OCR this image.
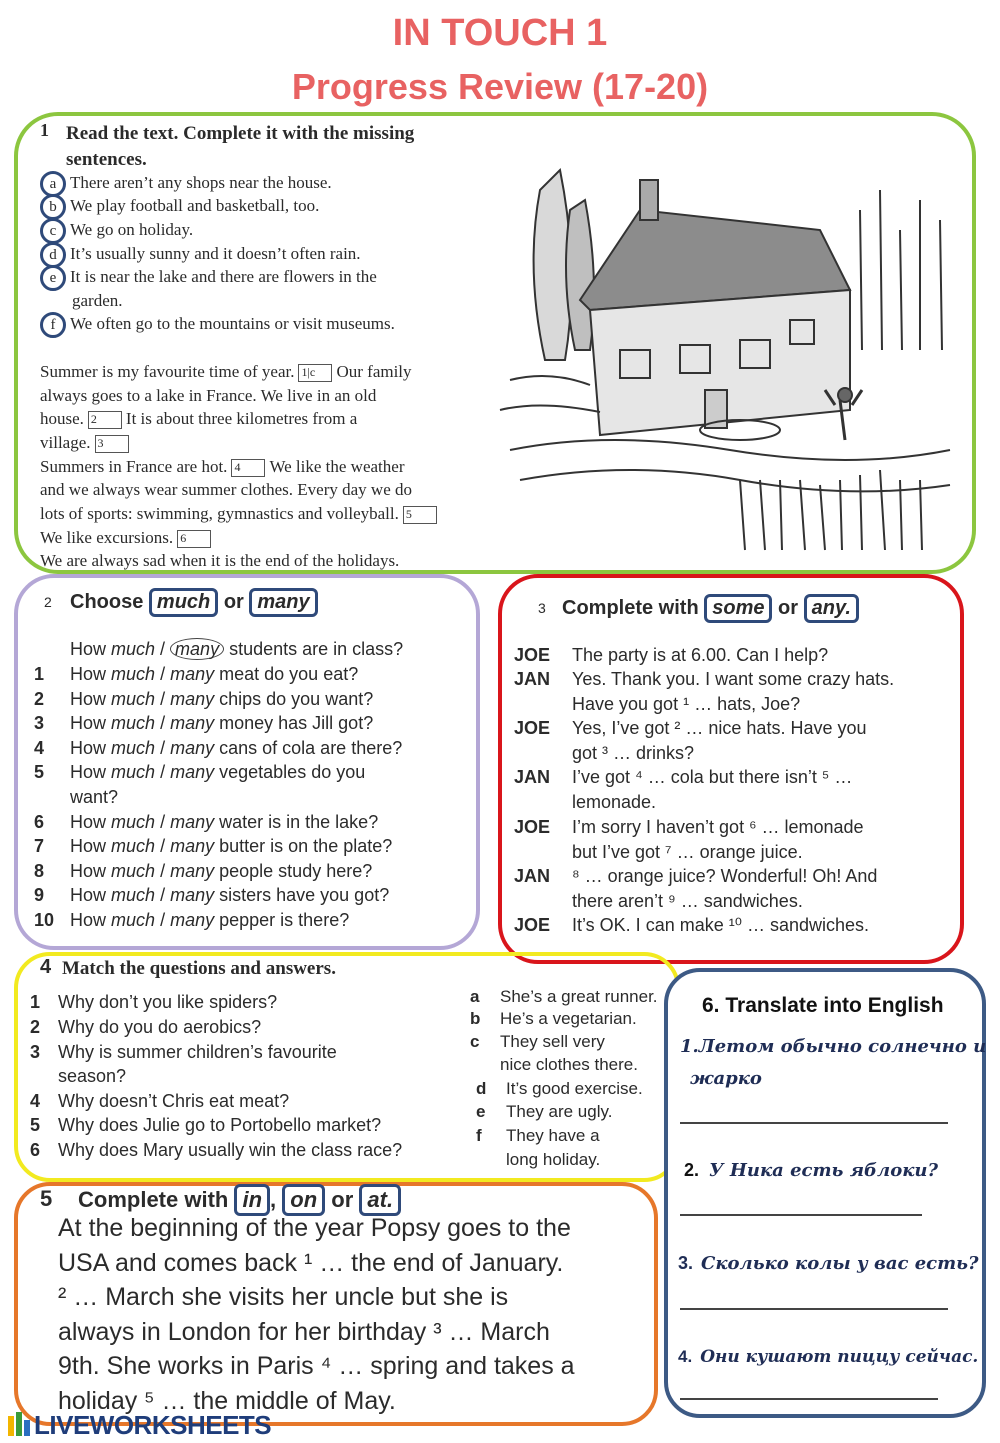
IN TOUCH 1
Progress Review (17-20)
1 Read the text. Complete it with the missing sentences.
a There aren’t any shops near the house.
b We play football and basketball, too.
c We go on holiday.
d It’s usually sunny and it doesn’t often rain.
e It is near the lake and there are flowers in the
garden.
f We often go to the mountains or visit museums.
Summer is my favourite time of year. 1|c Our family
always goes to a lake in France. We live in an old
house. 2 It is about three kilometres from a
village. 3
Summers in France are hot. 4 We like the weather
and we always wear summer clothes. Every day we do
lots of sports: swimming, gymnastics and volleyball. 5
We like excursions. 6
We are always sad when it is the end of the holidays.
2 Choose much or many
How much / many students are in class?
1 How much / many meat do you eat?
2 How much / many chips do you want?
3 How much / many money has Jill got?
4 How much / many cans of cola are there?
5 How much / many vegetables do you
want?
6 How much / many water is in the lake?
7 How much / many butter is on the plate?
8 How much / many people study here?
9 How much / many sisters have you got?
10 How much / many pepper is there?
3 Complete with some or any.
JOE The party is at 6.00. Can I help?
JAN Yes. Thank you. I want some crazy hats.
Have you got ¹ … hats, Joe?
JOE Yes, I’ve got ² … nice hats. Have you
got ³ … drinks?
JAN I’ve got ⁴ … cola but there isn’t ⁵ …
lemonade.
JOE I’m sorry I haven’t got ⁶ … lemonade
but I’ve got ⁷ … orange juice.
JAN ⁸ … orange juice? Wonderful! Oh! And
there aren’t ⁹ … sandwiches.
JOE It’s OK. I can make ¹⁰ … sandwiches.
4 Match the questions and answers.
1 Why don’t you like spiders?
2 Why do you do aerobics?
3 Why is summer children’s favourite
season?
4 Why doesn’t Chris eat meat?
5 Why does Julie go to Portobello market?
6 Why does Mary usually win the class race?
a She’s a great runner.
b He’s a vegetarian.
c They sell very
nice clothes there.
d It’s good exercise.
e They are ugly.
f They have a
long holiday.
5 Complete with in , on or at.
At the beginning of the year Popsy goes to the
USA and comes back ¹ … the end of January.
² … March she visits her uncle but she is
always in London for her birthday ³ … March
9th. She works in Paris ⁴ … spring and takes a
holiday ⁵ … the middle of May.
6. Translate into English
1.Летом обычно солнечно и
жарко
2. У Ника есть яблоки?
3. Сколько колы у вас есть?
4. Они кушают пиццу сейчас.
LIVEWORKSHEETS
